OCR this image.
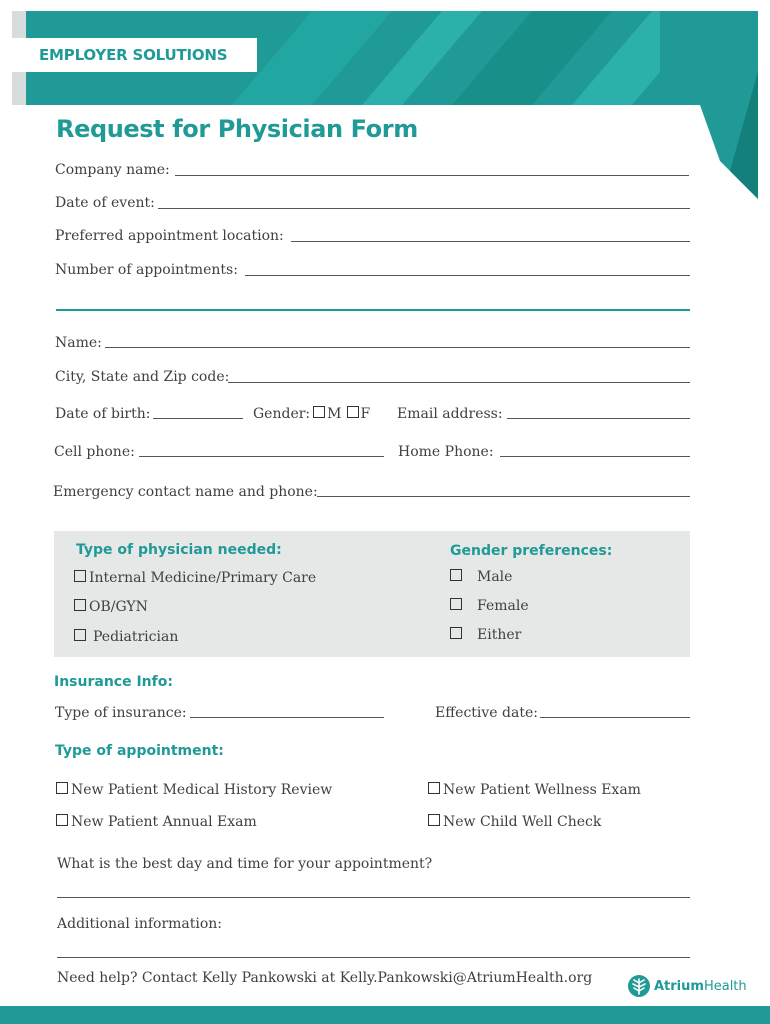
EMPLOYER SOLUTIONS
Request for Physician Form
Company name:
Date of event:
Preferred appointment location:
Number of appointments:
Name:
City, State and Zip code:
Date of birth:	Gender: M F Email address:
Cell phone:	Home Phone:
Emergency contact name and phone:
Type of physician needed:
Internal Medicine/Primary Care
OB/GYN
Pediatrician
Gender preferences:
Male
Female
Either
Insurance Info:
Type of insurance:	Effective date:
Type of appointment:
New Patient Medical History Review	New Patient Wellness Exam
New Patient Annual Exam	New Child Well Check
What is the best day and time for your appointment?
Additional information:
Need help? Contact Kelly Pankowski at Kelly.Pankowski@AtriumHealth.org
AtriumHealth
